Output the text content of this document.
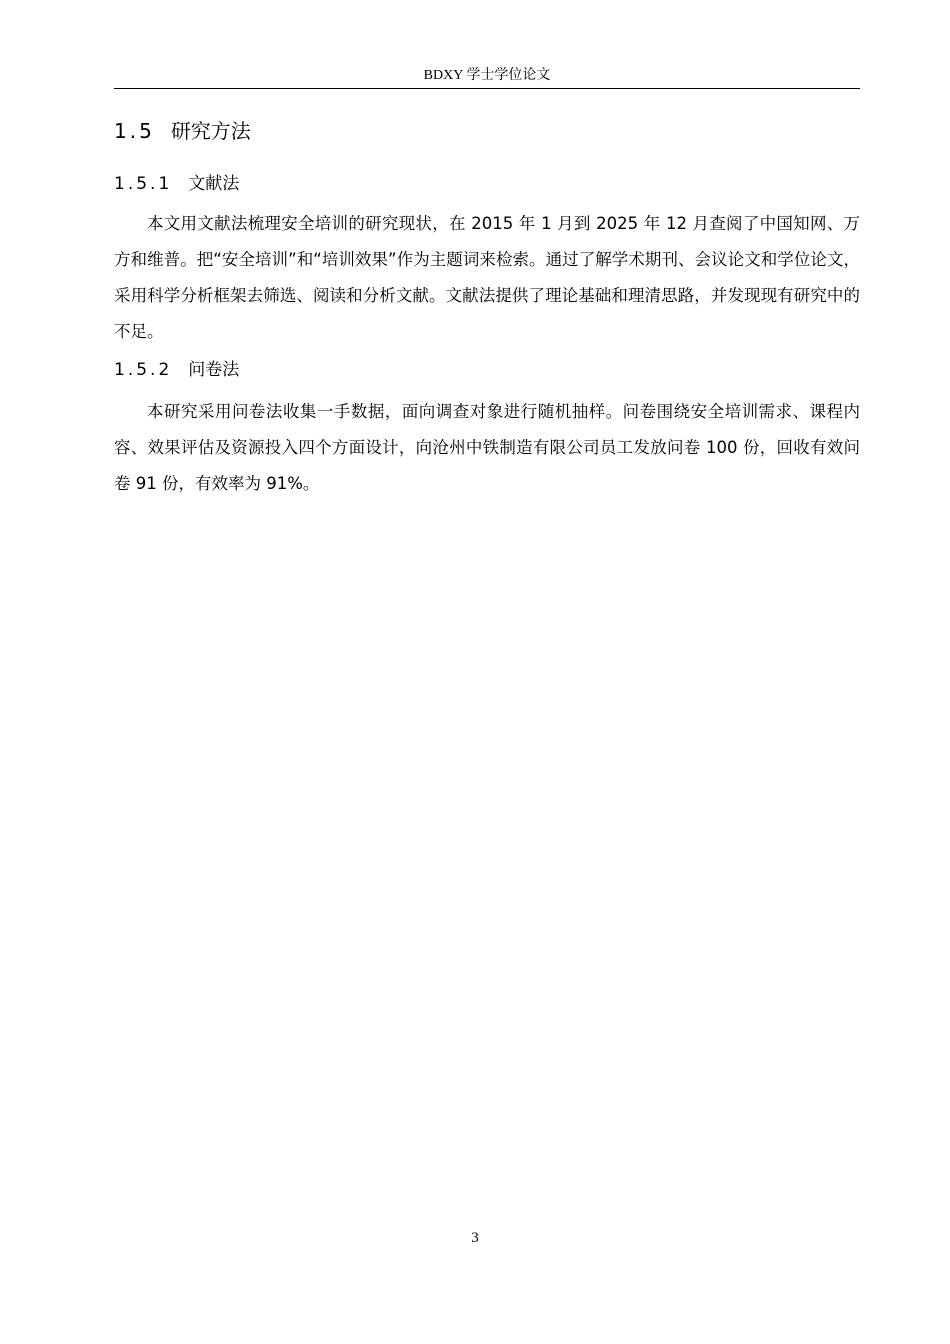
BDXY 学士学位论文
1.5 研究方法
1.5.1 文献法

本文用文献法梳理安全培训的研究现状，在 2015 年 1 月到 2025 年 12 月查阅了中国知网、万方和维普。把“安全培训”和“培训效果”作为主题词来检索。通过了解学术期刊、会议论文和学位论文，采用科学分析框架去筛选、阅读和分析文献。文献法提供了理论基础和理清思路，并发现现有研究中的不足。

1.5.2 问卷法

本研究采用问卷法收集一手数据，面向调查对象进行随机抽样。问卷围绕安全培训需求、课程内容、效果评估及资源投入四个方面设计，向沧州中铁制造有限公司员工发放问卷 100 份，回收有效问卷 91 份，有效率为 91%。

3
